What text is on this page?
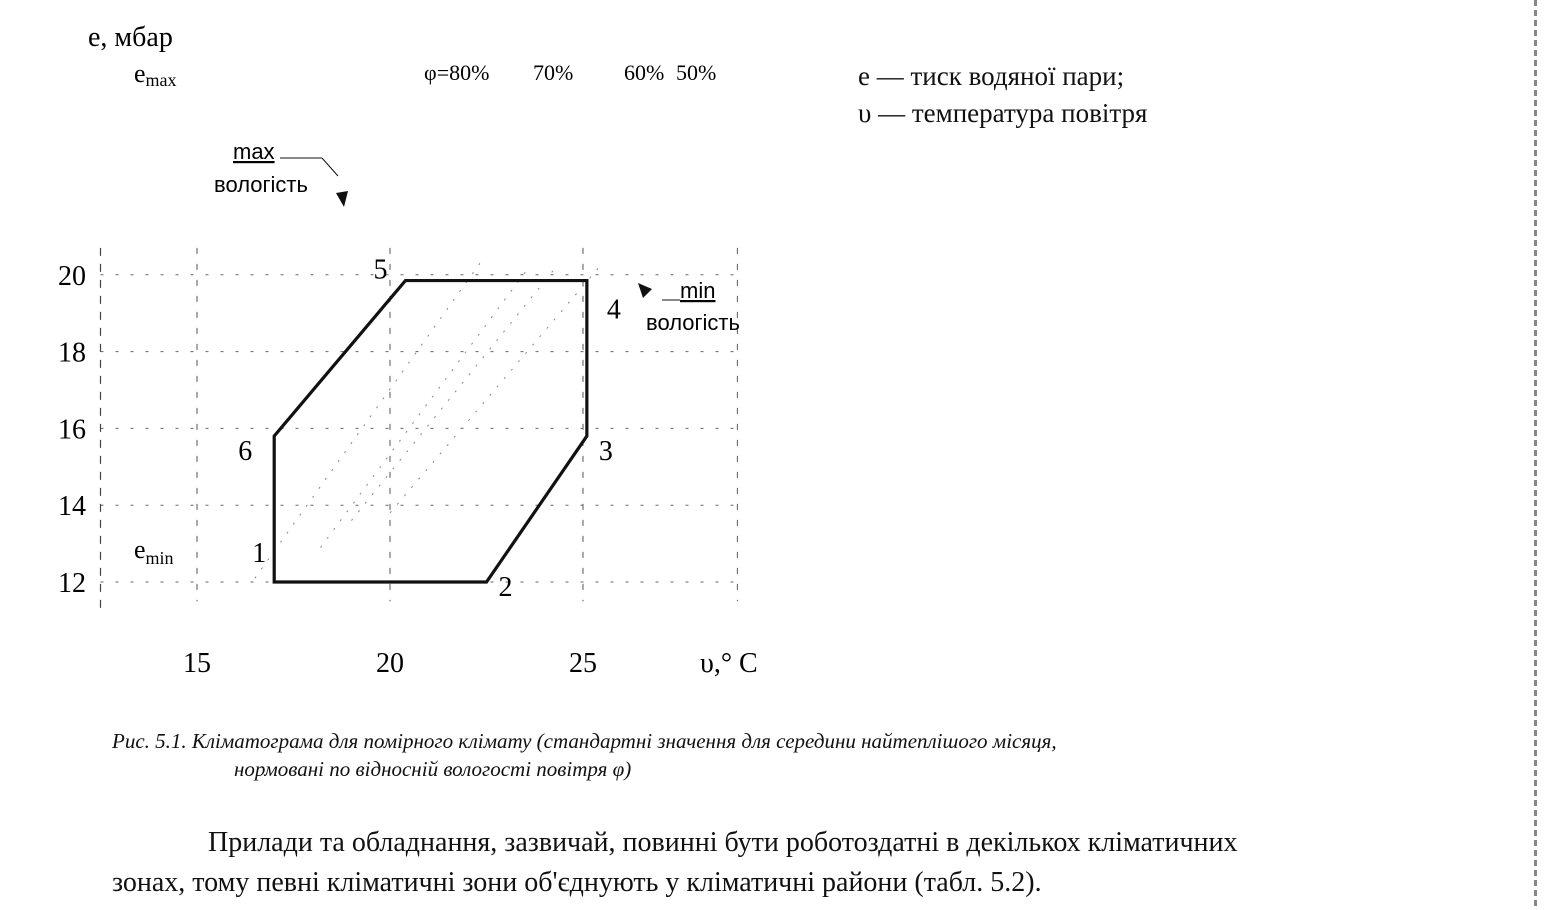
1
2
3
4
5
6
12
14
16
18
20
15	20	25
е, мбар
υ,° C
emax
$e_{min}$
φ=80% 70% 60% 50%
max
вологість
min
вологість
е — тиск водяної пари;
υ — температура повітря
Рис. 5.1. Кліматограма для помірного клімату (стандартні значення для середини найтеплішого місяця,
нормовані по відносній вологості повітря φ)
Прилади та обладнання, зазвичай, повинні бути роботоздатні в декількох кліматичних
зонах, тому певні кліматичні зони об'єднують у кліматичні райони (табл. 5.2).
